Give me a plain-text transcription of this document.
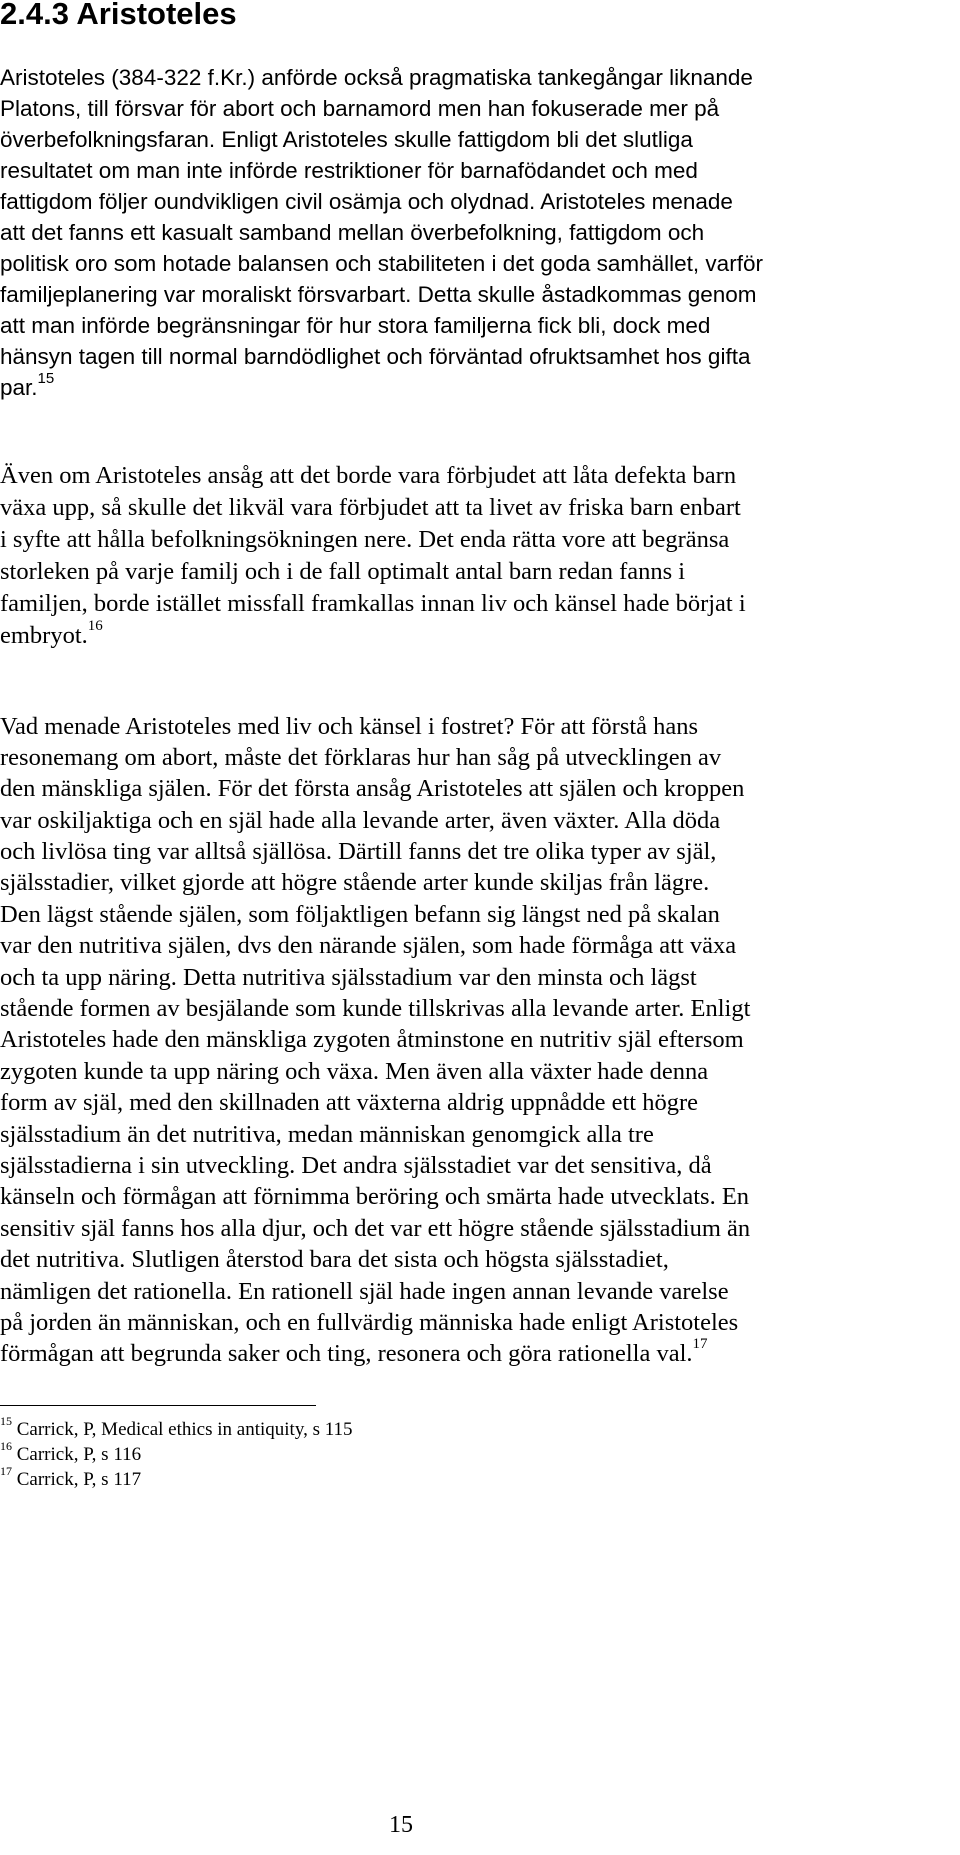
2.4.3 Aristoteles

Aristoteles (384-322 f.Kr.) anförde också pragmatiska tankegångar liknande

Platons, till försvar för abort och barnamord men han fokuserade mer på

överbefolkningsfaran. Enligt Aristoteles skulle fattigdom bli det slutliga

resultatet om man inte införde restriktioner för barnafödandet och med

fattigdom följer oundvikligen civil osämja och olydnad. Aristoteles menade

att det fanns ett kasualt samband mellan överbefolkning, fattigdom och

politisk oro som hotade balansen och stabiliteten i det goda samhället, varför

familjeplanering var moraliskt försvarbart. Detta skulle åstadkommas genom

att man införde begränsningar för hur stora familjerna fick bli, dock med

hänsyn tagen till normal barndödlighet och förväntad ofruktsamhet hos gifta

par.$^{15}$

Även om Aristoteles ansåg att det borde vara förbjudet att låta defekta barn

växa upp, så skulle det likväl vara förbjudet att ta livet av friska barn enbart

i syfte att hålla befolkningsökningen nere. Det enda rätta vore att begränsa

storleken på varje familj och i de fall optimalt antal barn redan fanns i

familjen, borde istället missfall framkallas innan liv och känsel hade börjat i

embryot.$^{16}$

Vad menade Aristoteles med liv och känsel i fostret? För att förstå hans

resonemang om abort, måste det förklaras hur han såg på utvecklingen av

den mänskliga själen. För det första ansåg Aristoteles att själen och kroppen

var oskiljaktiga och en själ hade alla levande arter, även växter. Alla döda

och livlösa ting var alltså själlösa. Därtill fanns det tre olika typer av själ,

själsstadier, vilket gjorde att högre stående arter kunde skiljas från lägre.

Den lägst stående själen, som följaktligen befann sig längst ned på skalan

var den nutritiva själen, dvs den närande själen, som hade förmåga att växa

och ta upp näring. Detta nutritiva själsstadium var den minsta och lägst

stående formen av besjälande som kunde tillskrivas alla levande arter. Enligt

Aristoteles hade den mänskliga zygoten åtminstone en nutritiv själ eftersom

zygoten kunde ta upp näring och växa. Men även alla växter hade denna

form av själ, med den skillnaden att växterna aldrig uppnådde ett högre

själsstadium än det nutritiva, medan människan genomgick alla tre

själsstadierna i sin utveckling. Det andra själsstadiet var det sensitiva, då

känseln och förmågan att förnimma beröring och smärta hade utvecklats. En

sensitiv själ fanns hos alla djur, och det var ett högre stående själsstadium än

det nutritiva. Slutligen återstod bara det sista och högsta själsstadiet,

nämligen det rationella. En rationell själ hade ingen annan levande varelse

på jorden än människan, och en fullvärdig människa hade enligt Aristoteles

förmågan att begrunda saker och ting, resonera och göra rationella val.$^{17}$

$^{15}$ Carrick, P, Medical ethics in antiquity, s 115

$^{16}$ Carrick, P, s 116

$^{17}$ Carrick, P, s 117

15
